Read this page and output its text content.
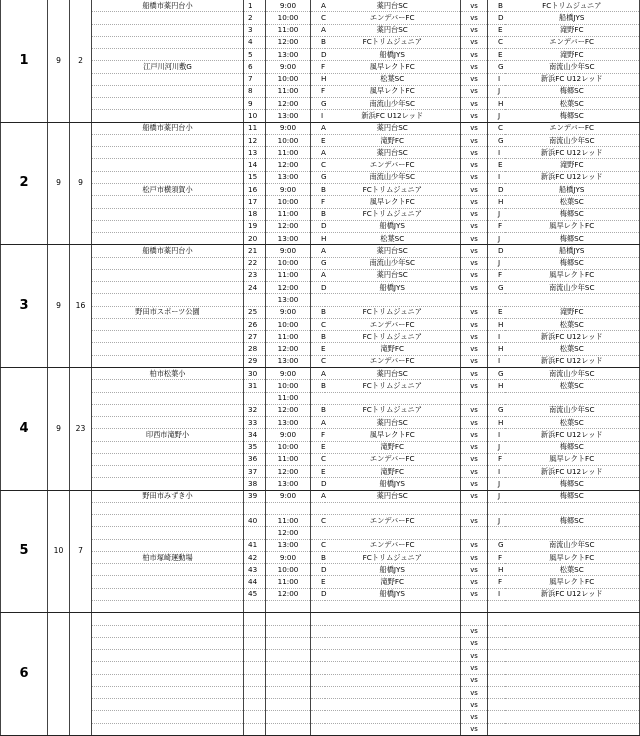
1	9	2	船橋市薬円台小	1	9:00	A	薬円台SC	vs	B	FCトリムジュニア
				2	10:00	C	エンデバーFC	vs	D	船橋JYS
				3	11:00	A	薬円台SC	vs	E	滝野FC
				4	12:00	B	FCトリムジュニア	vs	C	エンデバーFC
				5	13:00	D	船橋JYS	vs	E	滝野FC
			江戸川河川敷G	6	9:00	F	風早レクトFC	vs	G	南流山少年SC
				7	10:00	H	松葉SC	vs	I	新浜FC U12レッド
				8	11:00	F	風早レクトFC	vs	J	梅郷SC
				9	12:00	G	南流山少年SC	vs	H	松葉SC
				10	13:00	I	新浜FC U12レッド	vs	J	梅郷SC
2	9	9	船橋市薬円台小	11	9:00	A	薬円台SC	vs	C	エンデバーFC
				12	10:00	E	滝野FC	vs	G	南流山少年SC
				13	11:00	A	薬円台SC	vs	I	新浜FC U12レッド
				14	12:00	C	エンデバーFC	vs	E	滝野FC
				15	13:00	G	南流山少年SC	vs	I	新浜FC U12レッド
			松戸市横須賀小	16	9:00	B	FCトリムジュニア	vs	D	船橋JYS
				17	10:00	F	風早レクトFC	vs	H	松葉SC
				18	11:00	B	FCトリムジュニア	vs	J	梅郷SC
				19	12:00	D	船橋JYS	vs	F	風早レクトFC
				20	13:00	H	松葉SC	vs	J	梅郷SC
3	9	16	船橋市薬円台小	21	9:00	A	薬円台SC	vs	D	船橋JYS
				22	10:00	G	南流山少年SC	vs	J	梅郷SC
				23	11:00	A	薬円台SC	vs	F	風早レクトFC
				24	12:00	D	船橋JYS	vs	G	南流山少年SC
					13:00					
			野田市スポーツ公園	25	9:00	B	FCトリムジュニア	vs	E	滝野FC
				26	10:00	C	エンデバーFC	vs	H	松葉SC
				27	11:00	B	FCトリムジュニア	vs	I	新浜FC U12レッド
				28	12:00	E	滝野FC	vs	H	松葉SC
				29	13:00	C	エンデバーFC	vs	I	新浜FC U12レッド
4	9	23	柏市松葉小	30	9:00	A	薬円台SC	vs	G	南流山少年SC
				31	10:00	B	FCトリムジュニア	vs	H	松葉SC
					11:00					
				32	12:00	B	FCトリムジュニア	vs	G	南流山少年SC
				33	13:00	A	薬円台SC	vs	H	松葉SC
			印西市滝野小	34	9:00	F	風早レクトFC	vs	I	新浜FC U12レッド
				35	10:00	E	滝野FC	vs	J	梅郷SC
				36	11:00	C	エンデバーFC	vs	F	風早レクトFC
				37	12:00	E	滝野FC	vs	I	新浜FC U12レッド
				38	13:00	D	船橋JYS	vs	J	梅郷SC
5	10	7	野田市みずき小	39	9:00	A	薬円台SC	vs	J	梅郷SC

				40	11:00	C	エンデバーFC	vs	J	梅郷SC
					12:00					
				41	13:00	C	エンデバーFC	vs	G	南流山少年SC
			柏市塚崎運動場	42	9:00	B	FCトリムジュニア	vs	F	風早レクトFC
				43	10:00	D	船橋JYS	vs	H	松葉SC
				44	11:00	E	滝野FC	vs	F	風早レクトFC
				45	12:00	D	船橋JYS	vs	I	新浜FC U12レッド

6										
								vs		
								vs		
								vs		
								vs		
								vs		
								vs		
								vs		
								vs		
								vs		
